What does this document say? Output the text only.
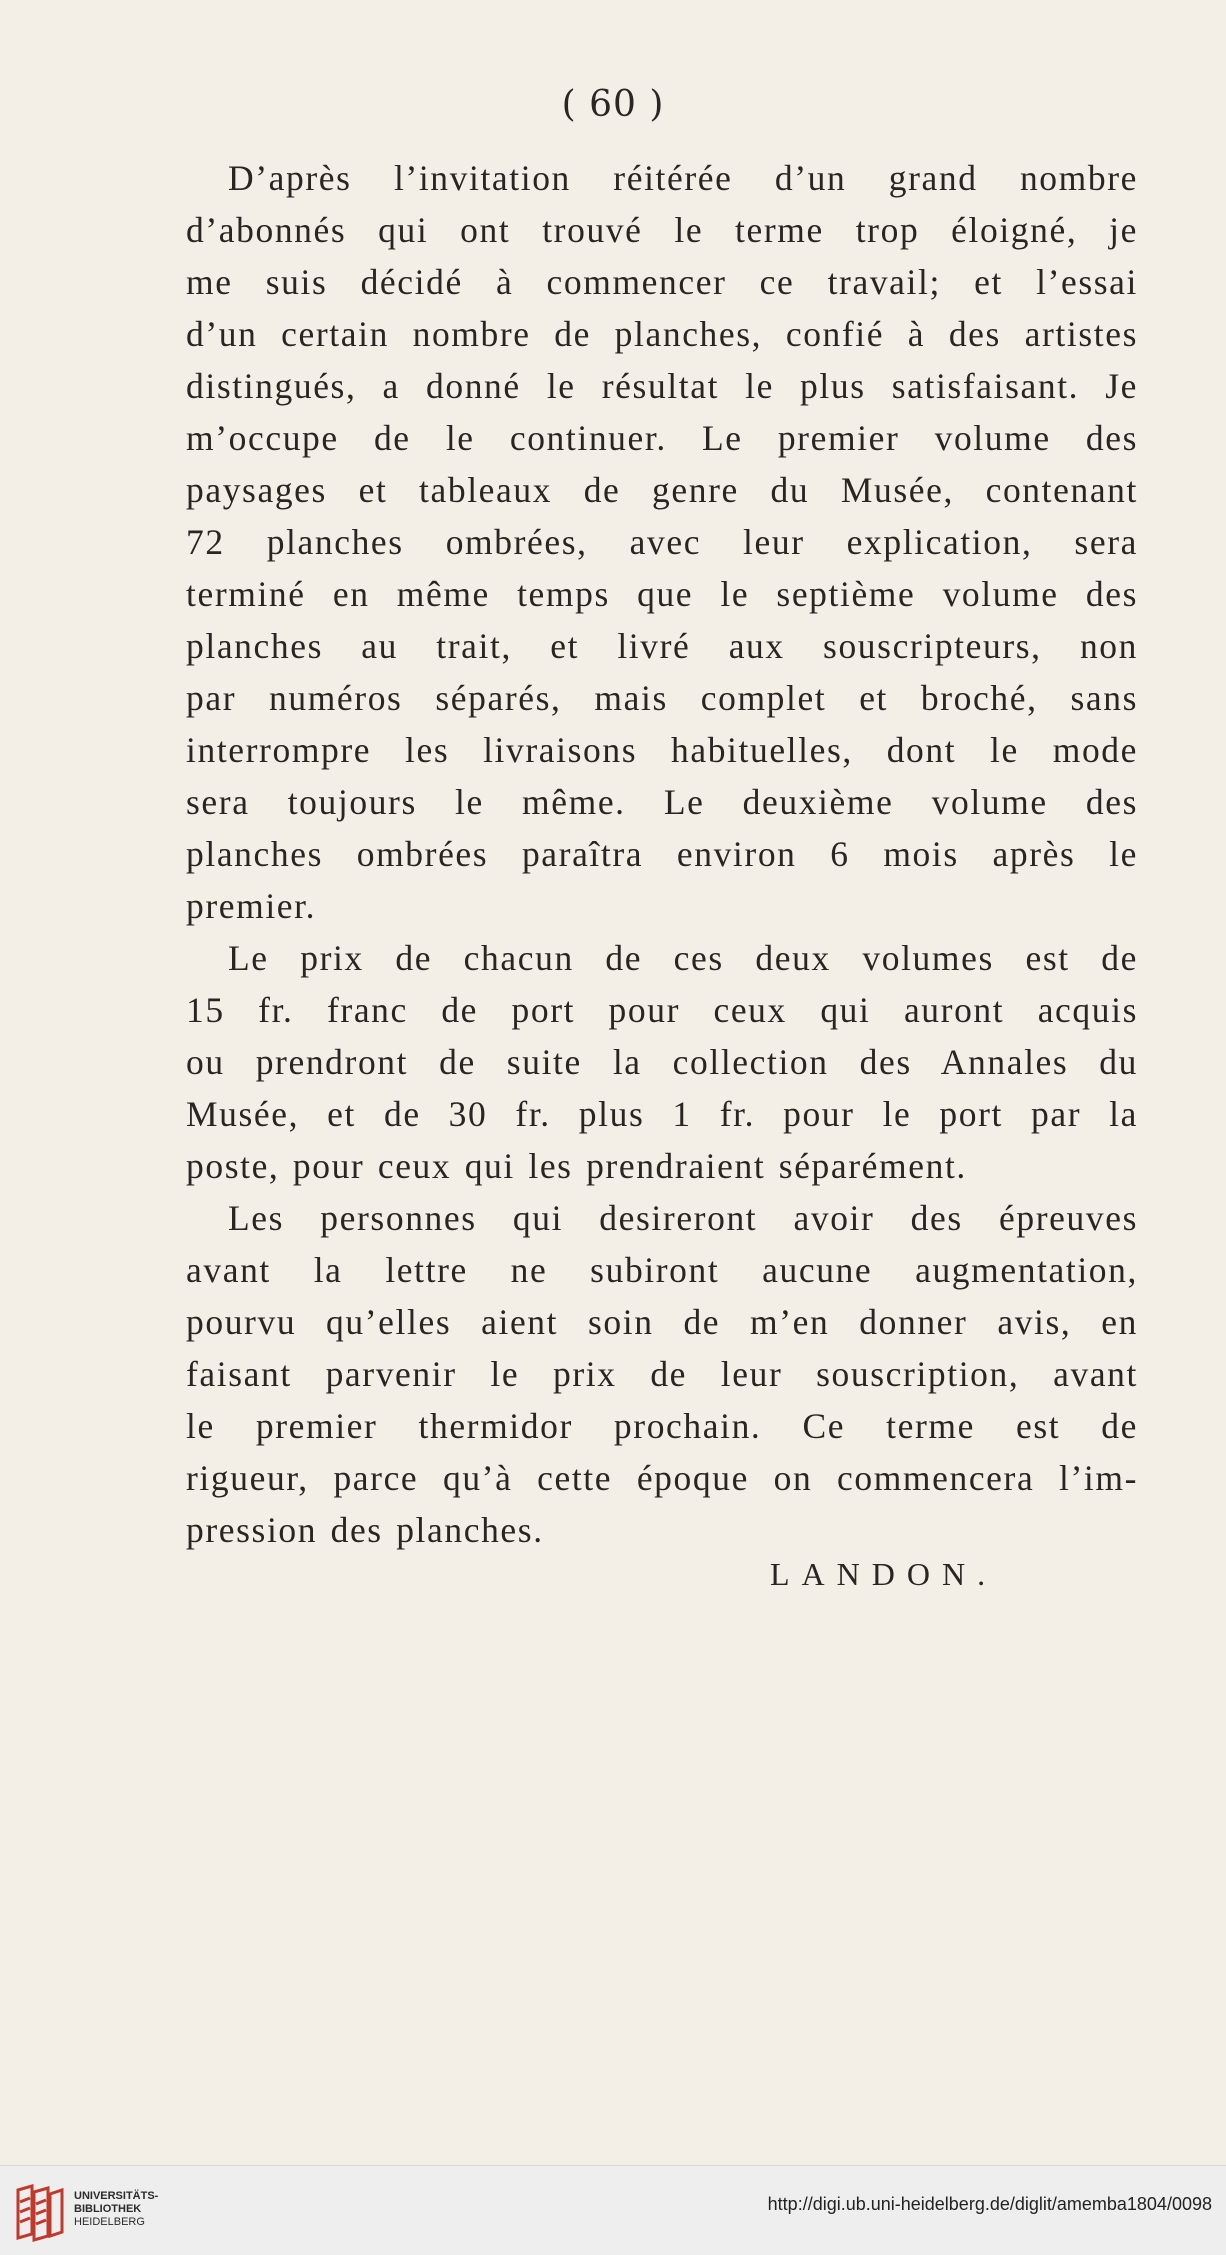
( 60 )

D’après l’invitation réitérée d’un grand nombre
d’abonnés qui ont trouvé le terme trop éloigné, je
me suis décidé à commencer ce travail; et l’essai
d’un certain nombre de planches, confié à des artistes
distingués, a donné le résultat le plus satisfaisant. Je
m’occupe de le continuer. Le premier volume des
paysages et tableaux de genre du Musée, contenant
72 planches ombrées, avec leur explication, sera
terminé en même temps que le septième volume des
planches au trait, et livré aux souscripteurs, non
par numéros séparés, mais complet et broché, sans
interrompre les livraisons habituelles, dont le mode
sera toujours le même. Le deuxième volume des
planches ombrées paraîtra environ 6 mois après le
premier.

Le prix de chacun de ces deux volumes est de
15 fr. franc de port pour ceux qui auront acquis
ou prendront de suite la collection des Annales du
Musée, et de 30 fr. plus 1 fr. pour le port par la
poste, pour ceux qui les prendraient séparément.

Les personnes qui desireront avoir des épreuves
avant la lettre ne subiront aucune augmentation,
pourvu qu’elles aient soin de m’en donner avis, en
faisant parvenir le prix de leur souscription, avant
le premier thermidor prochain. Ce terme est de
rigueur, parce qu’à cette époque on commencera l’im-
pression des planches.

LANDON.
UNIVERSITÄTS-
BIBLIOTHEK
HEIDELBERG
http://digi.ub.uni-heidelberg.de/diglit/amemba1804/0098
